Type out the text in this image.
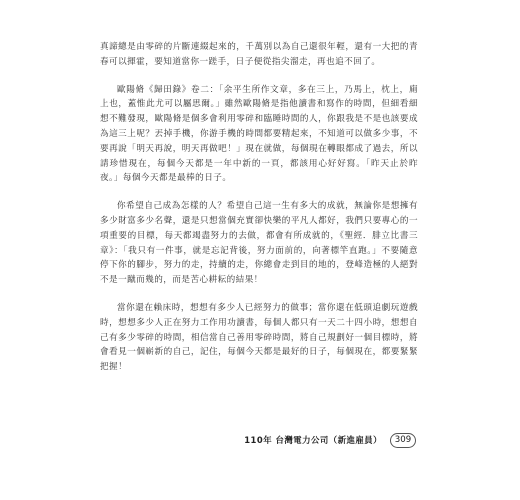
真諦總是由零碎的片斷連綴起來的，千萬別以為自己還很年輕，還有一大把的青春可以揮霍，要知道當你一蹉手，日子便從指尖溜走，再也追不回了。

歐陽脩《歸田錄》卷二：「余平生所作文章，多在三上，乃馬上，枕上，廁上也，蓋惟此尤可以屬思爾。」雖然歐陽脩是指他讀書和寫作的時間，但細看細想不難發現，歐陽脩是個多會利用零碎和臨睡時間的人，你跟我是不是也該要成為這三上呢？丟掉手機，你游手機的時間都要精起來，不知道可以做多少事，不要再說「明天再說，明天再做吧！」現在就做，每個現在轉眼都成了過去，所以請珍惜現在，每個今天都是一年中新的一頁，都該用心好好寫。「昨天止於昨夜。」每個今天都是最棒的日子。

你希望自己成為怎樣的人？希望自己這一生有多大的成就，無論你是想擁有多少財富多少名聲，還是只想當個充實卻快樂的平凡人都好，我們只要專心的一項重要的目標，每天都竭盡努力的去做，都會有所成就的，《聖經．腓立比書三章》：「我只有一件事，就是忘記背後，努力面前的，向著標竿直跑。」不要隨意停下你的腳步，努力的走，持續的走，你總會走到目的地的，登峰造極的人絕對不是一蹴而幾的，而是苦心耕耘的結果！

當你還在賴床時，想想有多少人已經努力的做事；當你還在低頭追劇玩遊戲時，想想多少人正在努力工作用功讀書，每個人都只有一天二十四小時，想想自己有多少零碎的時間，相信當自己善用零碎時間，將自己規劃好一個目標時，將會看見一個嶄新的自己，記住，每個今天都是最好的日子，每個現在，都要緊緊把握！

110年 台灣電力公司（新進雇員）	309
